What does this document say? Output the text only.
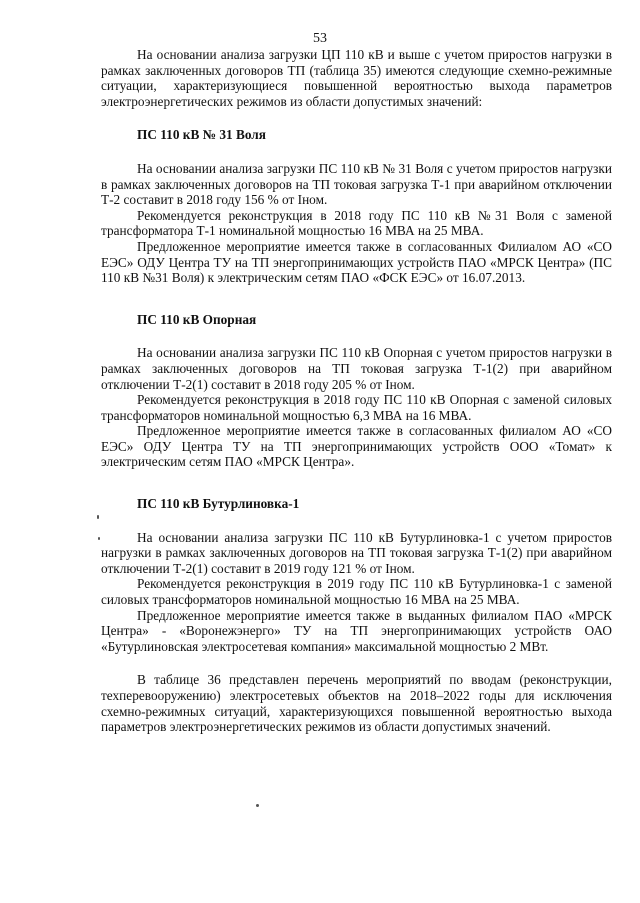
53

На основании анализа загрузки ЦП 110 кВ и выше с учетом приростов нагрузки в рамках заключенных договоров ТП (таблица 35) имеются следующие схемно-режимные ситуации, характеризующиеся повышенной вероятностью выхода параметров электроэнергетических режимов из области допустимых значений:

ПС 110 кВ № 31 Воля

На основании анализа загрузки ПС 110 кВ № 31 Воля с учетом приростов нагрузки в рамках заключенных договоров на ТП токовая загрузка Т-1 при аварийном отключении Т-2 составит в 2018 году 156 % от Iном.

Рекомендуется реконструкция в 2018 году ПС 110 кВ №31 Воля с заменой трансформатора Т-1 номинальной мощностью 16 МВА на 25 МВА.

Предложенное мероприятие имеется также в согласованных Филиалом АО «СО ЕЭС» ОДУ Центра ТУ на ТП энергопринимающих устройств ПАО «МРСК Центра» (ПС 110 кВ №31 Воля) к электрическим сетям ПАО «ФСК ЕЭС» от 16.07.2013.

ПС 110 кВ Опорная

На основании анализа загрузки ПС 110 кВ Опорная с учетом приростов нагрузки в рамках заключенных договоров на ТП токовая загрузка Т-1(2) при аварийном отключении Т-2(1) составит в 2018 году 205 % от Iном.

Рекомендуется реконструкция в 2018 году ПС 110 кВ Опорная с заменой силовых трансформаторов номинальной мощностью 6,3 МВА на 16 МВА.

Предложенное мероприятие имеется также в согласованных филиалом АО «СО ЕЭС» ОДУ Центра ТУ на ТП энергопринимающих устройств ООО «Томат» к электрическим сетям ПАО «МРСК Центра».

ПС 110 кВ Бутурлиновка-1

На основании анализа загрузки ПС 110 кВ Бутурлиновка-1 с учетом приростов нагрузки в рамках заключенных договоров на ТП токовая загрузка Т-1(2) при аварийном отключении Т-2(1) составит в 2019 году 121 % от Iном.

Рекомендуется реконструкция в 2019 году ПС 110 кВ Бутурлиновка-1 с заменой силовых трансформаторов номинальной мощностью 16 МВА на 25 МВА.

Предложенное мероприятие имеется также в выданных филиалом ПАО «МРСК Центра» - «Воронежэнерго» ТУ на ТП энергопринимающих устройств ОАО «Бутурлиновская электросетевая компания» максимальной мощностью 2 МВт.

В таблице 36 представлен перечень мероприятий по вводам (реконструкции, техперевооружению) электросетевых объектов на 2018–2022 годы для исключения схемно-режимных ситуаций, характеризующихся повышенной вероятностью выхода параметров электроэнергетических режимов из области допустимых значений.
